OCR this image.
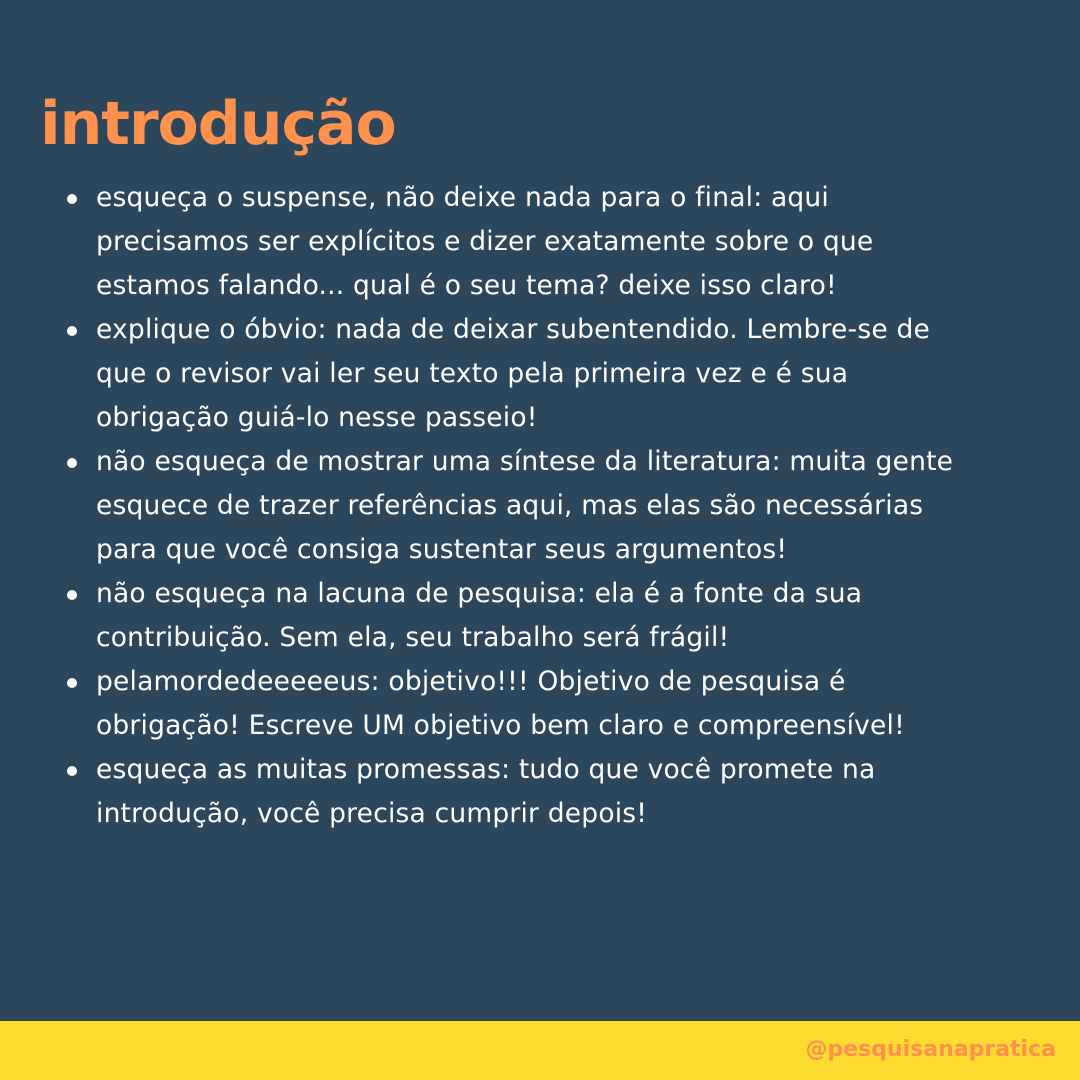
introdução
esqueça o suspense, não deixe nada para o final: aqui precisamos ser explícitos e dizer exatamente sobre o que estamos falando... qual é o seu tema? deixe isso claro!
explique o óbvio: nada de deixar subentendido. Lembre-se de que o revisor vai ler seu texto pela primeira vez e é sua obrigação guiá-lo nesse passeio!
não esqueça de mostrar uma síntese da literatura: muita gente esquece de trazer referências aqui, mas elas são necessárias para que você consiga sustentar seus argumentos!
não esqueça na lacuna de pesquisa: ela é a fonte da sua contribuição. Sem ela, seu trabalho será frágil!
pelamordedeeeeeus: objetivo!!! Objetivo de pesquisa é obrigação! Escreve UM objetivo bem claro e compreensível!
esqueça as muitas promessas: tudo que você promete na introdução, você precisa cumprir depois!
@pesquisanapratica
